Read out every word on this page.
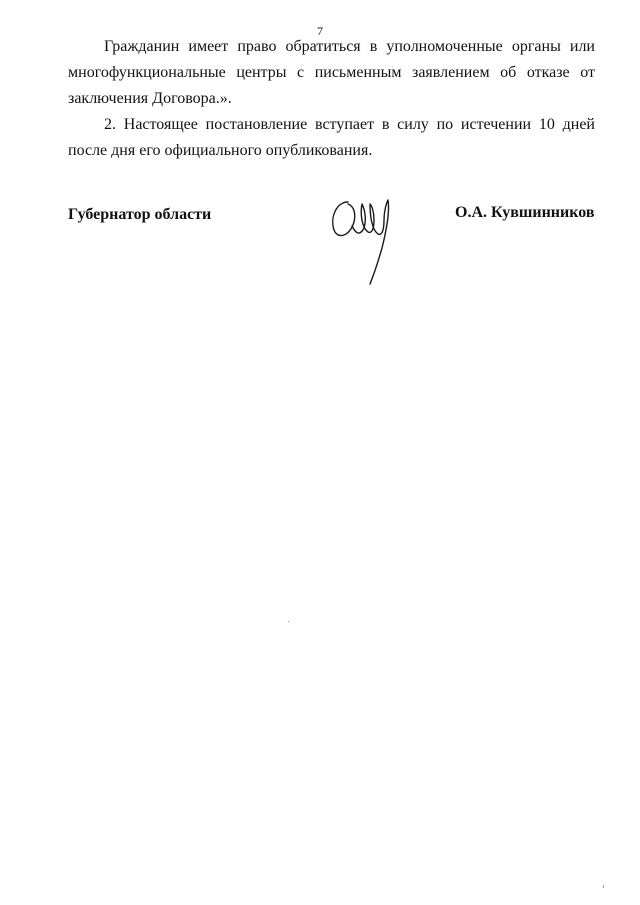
7

Гражданин имеет право обратиться в уполномоченные органы или многофункциональные центры с письменным заявлением об отказе от заключения Договора.».

2. Настоящее постановление вступает в силу по истечении 10 дней после дня его официального опубликования.

Губернатор области	О.А. Кувшинников
